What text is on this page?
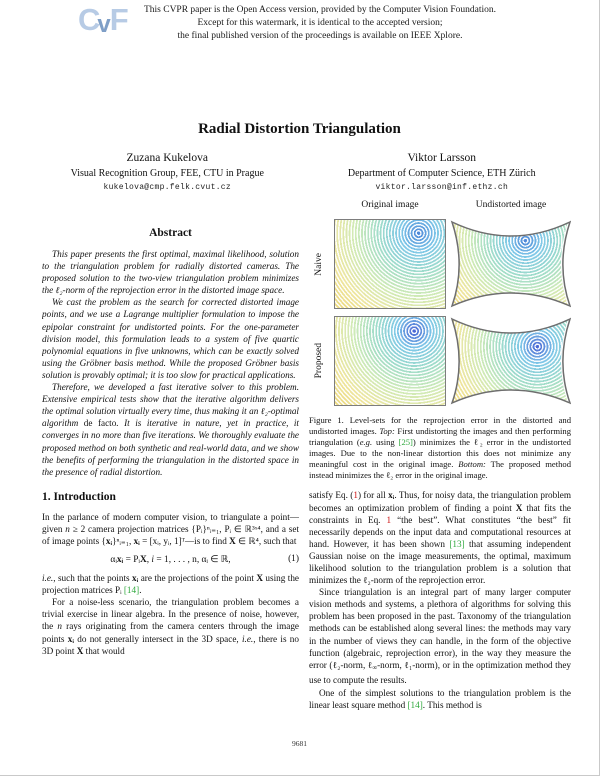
CvF	This CVPR paper is the Open Access version, provided by the Computer Vision Foundation.
Except for this watermark, it is identical to the accepted version;
the final published version of the proceedings is available on IEEE Xplore.
Radial Distortion Triangulation
Zuzana Kukelova
Visual Recognition Group, FEE, CTU in Prague
kukelova@cmp.felk.cvut.cz
Viktor Larsson
Department of Computer Science, ETH Zürich
viktor.larsson@inf.ethz.ch
Abstract
This paper presents the first optimal, maximal likelihood, solution to the triangulation problem for radially distorted cameras. The proposed solution to the two-view triangulation problem minimizes the ℓ₂-norm of the reprojection error in the distorted image space.
We cast the problem as the search for corrected distorted image points, and we use a Lagrange multiplier formulation to impose the epipolar constraint for undistorted points. For the one-parameter division model, this formulation leads to a system of five quartic polynomial equations in five unknowns, which can be exactly solved using the Gröbner basis method. While the proposed Gröbner basis solution is provably optimal; it is too slow for practical applications.
Therefore, we developed a fast iterative solver to this problem. Extensive empirical tests show that the iterative algorithm delivers the optimal solution virtually every time, thus making it an ℓ₂-optimal algorithm de facto. It is iterative in nature, yet in practice, it converges in no more than five iterations. We thoroughly evaluate the proposed method on both synthetic and real-world data, and we show the benefits of performing the triangulation in the distorted space in the presence of radial distortion.
1. Introduction
In the parlance of modern computer vision, to triangulate a point—given n ≥ 2 camera projection matrices {Pᵢ}ⁿᵢ₌₁, Pᵢ ∈ ℝ³ˣ⁴, and a set of image points {xᵢ}ⁿᵢ₌₁, xᵢ = [xᵢ, yᵢ, 1]ᵀ—is to find X ∈ ℝ⁴, such that
αᵢxᵢ = PᵢX, i = 1, . . . , n, αᵢ ∈ ℝ,	(1)
i.e., such that the points xᵢ are the projections of the point X using the projection matrices Pᵢ [14].
For a noise-less scenario, the triangulation problem becomes a trivial exercise in linear algebra. In the presence of noise, however, the n rays originating from the camera centers through the image points xᵢ do not generally intersect in the 3D space, i.e., there is no 3D point X that would
Original image	Undistorted image
Naive
Proposed
Figure 1. Level-sets for the reprojection error in the distorted and undistorted images. Top: First undistorting the images and then performing triangulation (e.g. using [25]) minimizes the ℓ₂ error in the undistorted images. Due to the non-linear distortion this does not minimize any meaningful cost in the original image. Bottom: The proposed method instead minimizes the ℓ₂ error in the original image.
satisfy Eq. (1) for all xᵢ. Thus, for noisy data, the triangulation problem becomes an optimization problem of finding a point X that fits the constraints in Eq. 1 “the best”. What constitutes “the best” fit necessarily depends on the input data and computational resources at hand. However, it has been shown [13] that assuming independent Gaussian noise on the image measurements, the optimal, maximum likelihood solution to the triangulation problem is a solution that minimizes the ℓ₂-norm of the reprojection error.
Since triangulation is an integral part of many larger computer vision methods and systems, a plethora of algorithms for solving this problem has been proposed in the past. Taxonomy of the triangulation methods can be established along several lines: the methods may vary in the number of views they can handle, in the form of the objective function (algebraic, reprojection error), in the way they measure the error (ℓ₂-norm, ℓ∞-norm, ℓ₁-norm), or in the optimization method they use to compute the results.
One of the simplest solutions to the triangulation problem is the linear least square method [14]. This method is
9681
